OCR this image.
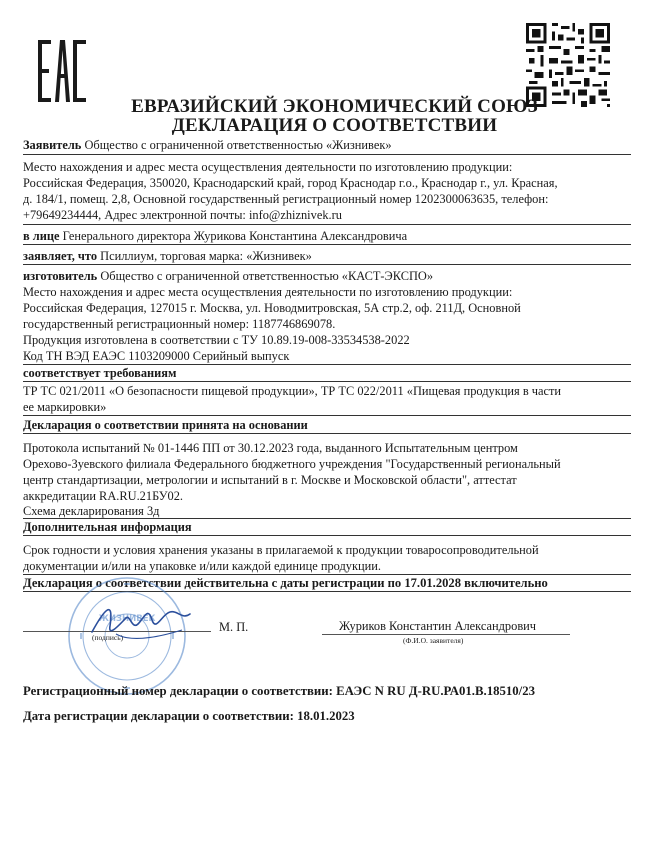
ЕВРАЗИЙСКИЙ ЭКОНОМИЧЕСКИЙ СОЮЗ
ДЕКЛАРАЦИЯ О СООТВЕТСТВИИ
Заявитель Общество с ограниченной ответственностью «Жизнивек»
Место нахождения и адрес места осуществления деятельности по изготовлению продукции:
Российская Федерация, 350020, Краснодарский край, город Краснодар г.о., Краснодар г., ул. Красная,
д. 184/1, помещ. 2,8, Основной государственный регистрационный номер 1202300063635, телефон:
+79649234444, Адрес электронной почты: info@zhiznivek.ru
в лице Генерального директора Журикова Константина Александровича
заявляет, что Псиллиум, торговая марка: «Жизнивек»
изготовитель Общество с ограниченной ответственностью «КАСТ-ЭКСПО»
Место нахождения и адрес места осуществления деятельности по изготовлению продукции:
Российская Федерация, 127015 г. Москва, ул. Новодмитровская, 5А стр.2, оф. 211Д, Основной
государственный регистрационный номер: 1187746869078.
Продукция изготовлена в соответствии с ТУ 10.89.19-008-33534538-2022
Код ТН ВЭД ЕАЭС 1103209000 Серийный выпуск
соответствует требованиям
ТР ТС 021/2011 «О безопасности пищевой продукции», ТР ТС 022/2011 «Пищевая продукция в части
ее маркировки»
Декларация о соответствии принята на основании
Протокола испытаний № 01-1446 ПП от 30.12.2023 года, выданного Испытательным центром
Орехово-Зуевского филиала Федерального бюджетного учреждения "Государственный региональный
центр стандартизации, метрологии и испытаний в г. Москве и Московской области", аттестат
аккредитации RA.RU.21БУ02.
Схема декларирования 3д
Дополнительная информация
Срок годности и условия хранения указаны в прилагаемой к продукции товаросопроводительной
документации и/или на упаковке и/или каждой единице продукции.
Декларация о соответствии действительна с даты регистрации по 17.01.2028 включительно
ЖИЗНИВЕК
(подпись)
М. П.	Журиков Константин Александрович
(Ф.И.О. заявителя)
Регистрационный номер декларации о соответствии: ЕАЭС N RU Д-RU.РА01.В.18510/23
Дата регистрации декларации о соответствии: 18.01.2023
